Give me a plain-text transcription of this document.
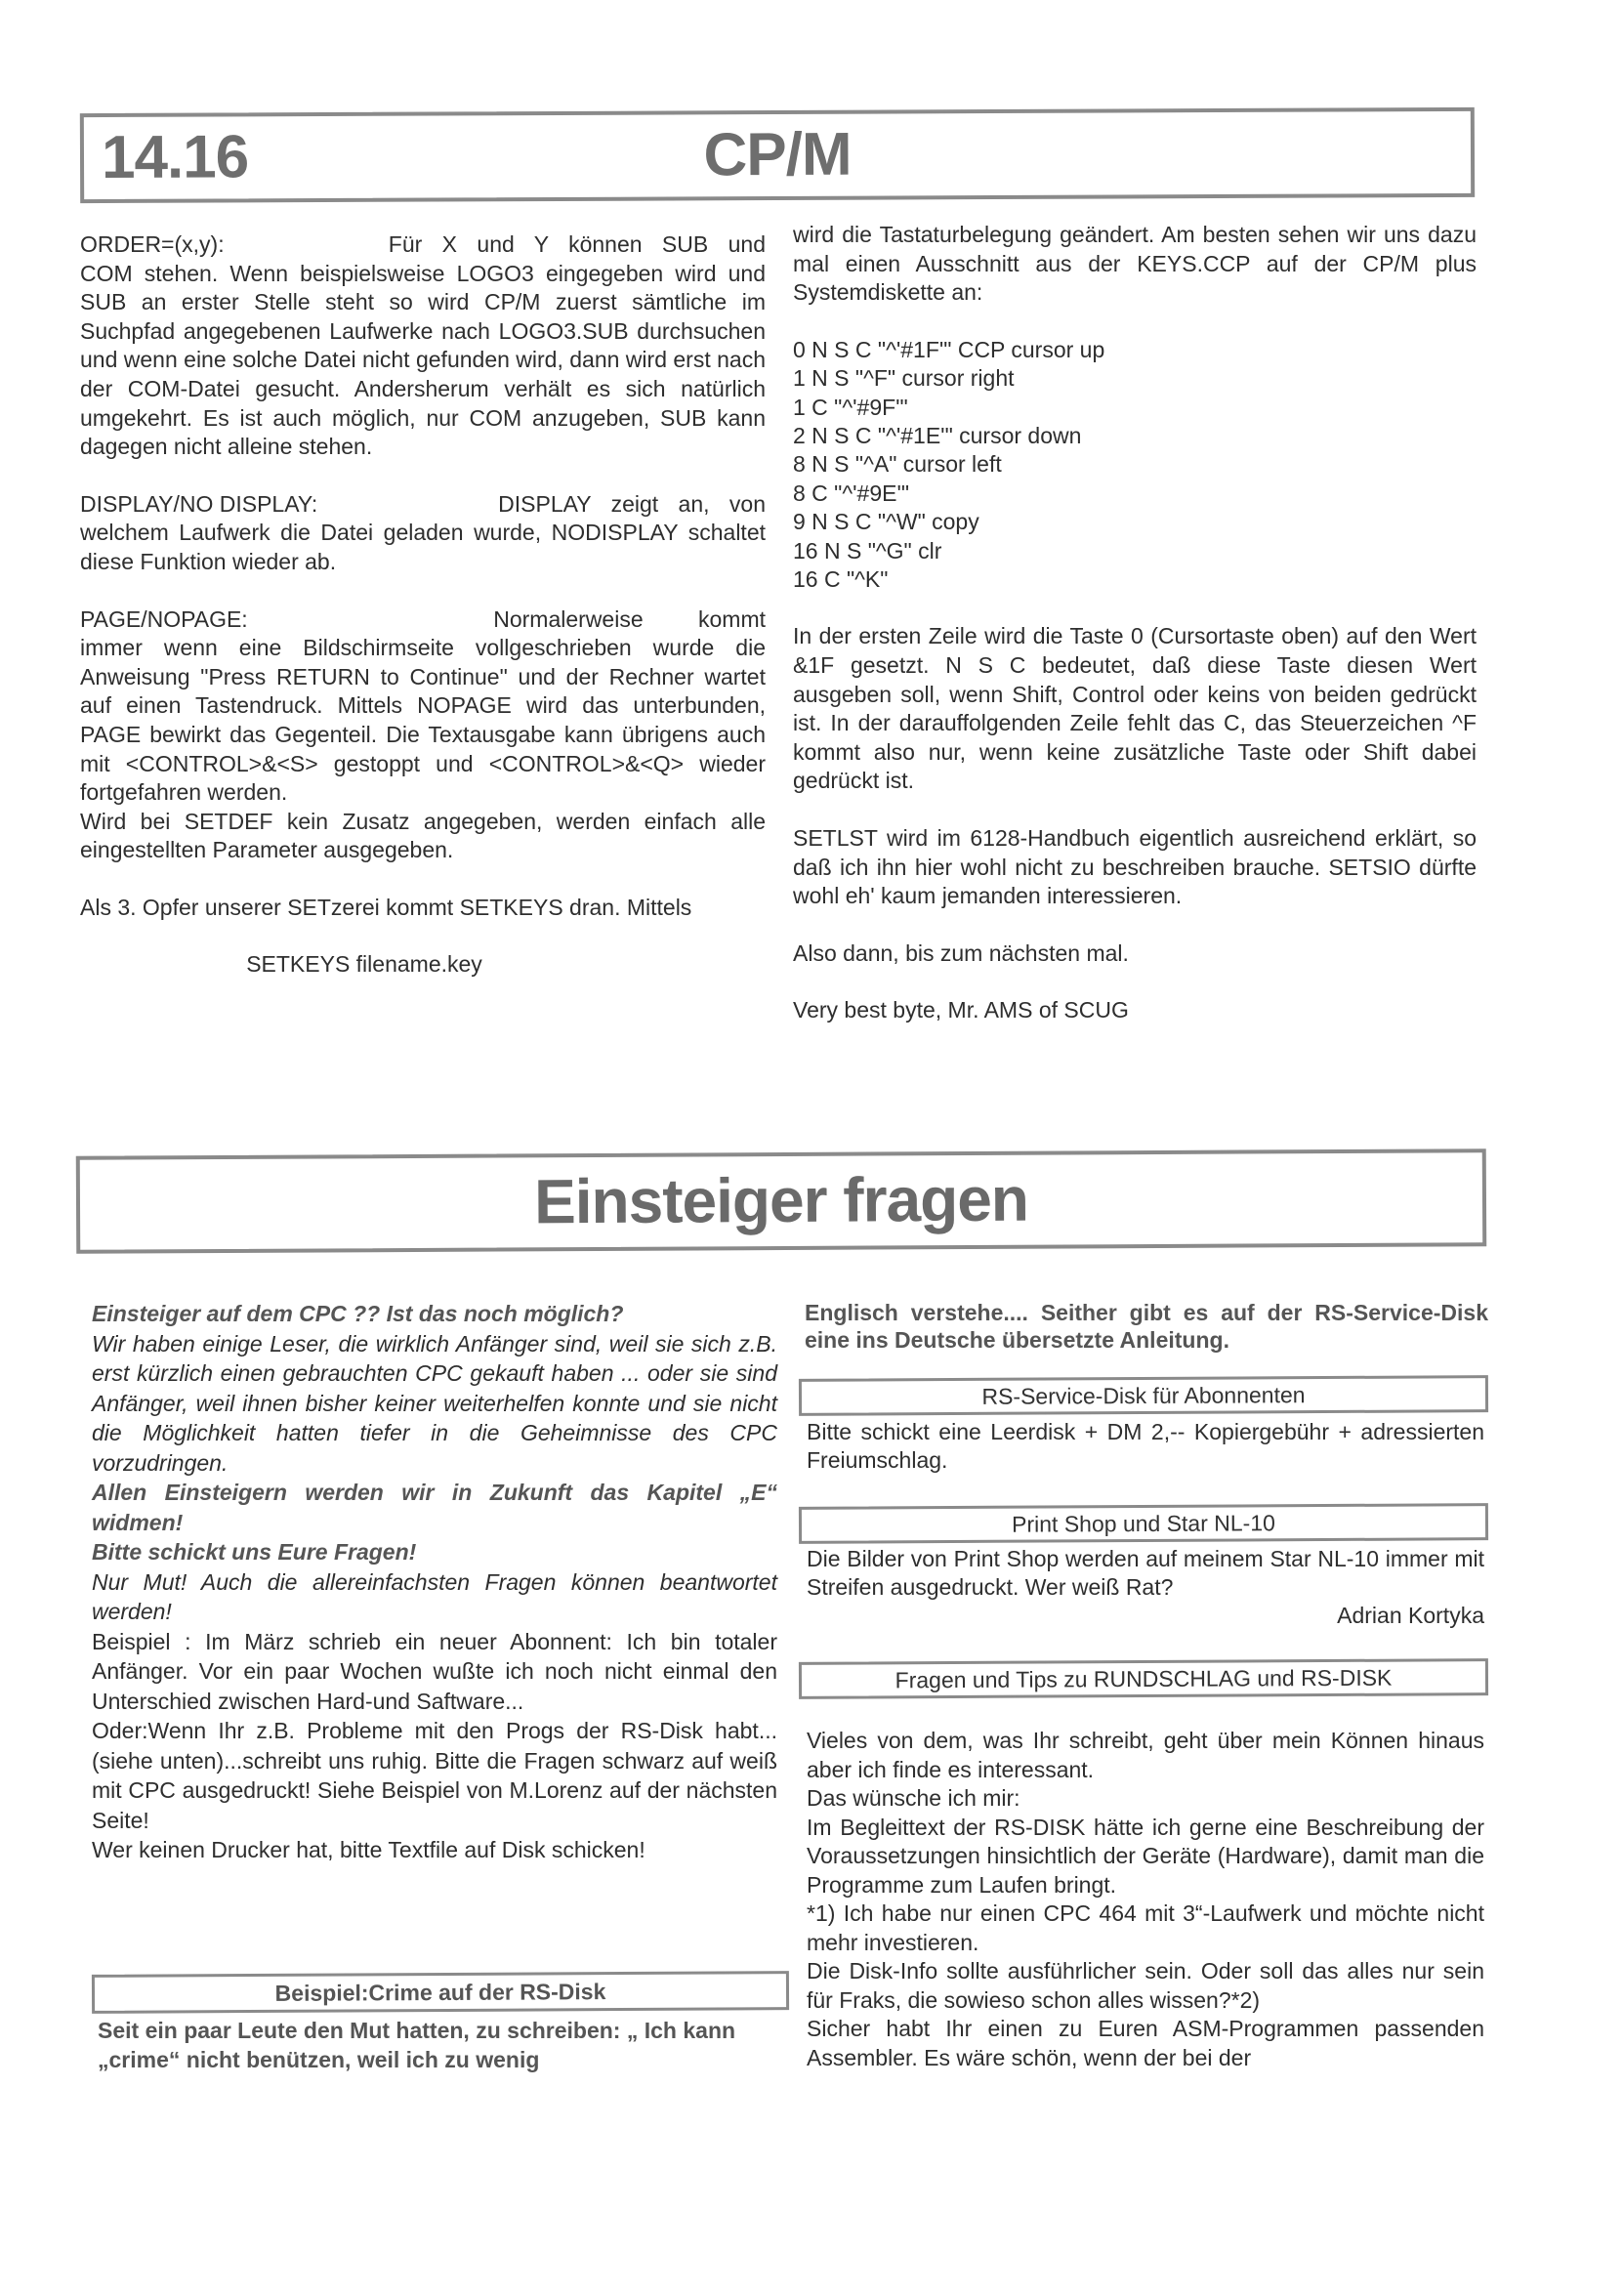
14.16	CP/M
ORDER=(x,y):	Für X und Y können SUB und

COM stehen. Wenn beispielsweise LOGO3 eingegeben wird und SUB an erster Stelle steht so wird CP/M zuerst sämtliche im Suchpfad angegebenen Laufwerke nach LOGO3.SUB durchsuchen und wenn eine solche Datei nicht gefunden wird, dann wird erst nach der COM-Datei gesucht. Andersherum verhält es sich natürlich umgekehrt. Es ist auch möglich, nur COM anzugeben, SUB kann dagegen nicht alleine stehen.

DISPLAY/NO DISPLAY:	DISPLAY zeigt an, von

welchem Laufwerk die Datei geladen wurde, NODISPLAY schaltet diese Funktion wieder ab.

PAGE/NOPAGE:	Normalerweise kommt

immer wenn eine Bildschirmseite vollgeschrieben wurde die Anweisung "Press RETURN to Continue" und der Rechner wartet auf einen Tastendruck. Mittels NOPAGE wird das unterbunden, PAGE bewirkt das Gegenteil. Die Textausgabe kann übrigens auch mit <CONTROL>&<S> gestoppt und <CONTROL>&<Q> wieder fortgefahren werden.

Wird bei SETDEF kein Zusatz angegeben, werden einfach alle eingestellten Parameter ausgegeben.

Als 3. Opfer unserer SETzerei kommt SETKEYS dran. Mittels

SETKEYS filename.key

wird die Tastaturbelegung geändert. Am besten sehen wir uns dazu mal einen Ausschnitt aus der KEYS.CCP auf der CP/M plus Systemdiskette an:

0 N S C "^'#1F'" CCP cursor up
1 N S "^F" cursor right
1 C "^'#9F'"
2 N S C "^'#1E'" cursor down
8 N S "^A" cursor left
8 C "^'#9E'"
9 N S C "^W" copy
16 N S "^G" clr
16 C "^K"

In der ersten Zeile wird die Taste 0 (Cursortaste oben) auf den Wert &1F gesetzt. N S C bedeutet, daß diese Taste diesen Wert ausgeben soll, wenn Shift, Control oder keins von beiden gedrückt ist. In der darauffolgenden Zeile fehlt das C, das Steuerzeichen ^F kommt also nur, wenn keine zusätzliche Taste oder Shift dabei gedrückt ist.

SETLST wird im 6128-Handbuch eigentlich ausreichend erklärt, so daß ich ihn hier wohl nicht zu beschreiben brauche. SETSIO dürfte wohl eh' kaum jemanden interessieren.

Also dann, bis zum nächsten mal.

Very best byte, Mr. AMS of SCUG

Einsteiger fragen

Einsteiger auf dem CPC ?? Ist das noch möglich?

Wir haben einige Leser, die wirklich Anfänger sind, weil sie sich z.B. erst kürzlich einen gebrauchten CPC gekauft haben ... oder sie sind Anfänger, weil ihnen bisher keiner weiterhelfen konnte und sie nicht die Möglichkeit hatten tiefer in die Geheimnisse des CPC vorzudringen.

Allen Einsteigern werden wir in Zukunft das Kapitel „E“ widmen!

Bitte schickt uns Eure Fragen!

Nur Mut! Auch die allereinfachsten Fragen können beantwortet werden!

Beispiel : Im März schrieb ein neuer Abonnent: Ich bin totaler Anfänger. Vor ein paar Wochen wußte ich noch nicht einmal den Unterschied zwischen Hard-und Saftware...

Oder:Wenn Ihr z.B. Probleme mit den Progs der RS-Disk habt...(siehe unten)...schreibt uns ruhig. Bitte die Fragen schwarz auf weiß mit CPC ausgedruckt! Siehe Beispiel von M.Lorenz auf der nächsten Seite!

Wer keinen Drucker hat, bitte Textfile auf Disk schicken!

Beispiel:Crime auf der RS-Disk
Seit ein paar Leute den Mut hatten, zu schreiben: „ Ich kann „crime“ nicht benützen, weil ich zu wenig
Englisch verstehe.... Seither gibt es auf der RS-Service-Disk eine ins Deutsche übersetzte Anleitung.
RS-Service-Disk für Abonnenten
Bitte schickt eine Leerdisk + DM 2,-- Kopiergebühr + adressierten Freiumschlag.
Print Shop und Star NL-10

Die Bilder von Print Shop werden auf meinem Star NL-10 immer mit Streifen ausgedruckt. Wer weiß Rat?

Adrian Kortyka

Fragen und Tips zu RUNDSCHLAG und RS-DISK

Vieles von dem, was Ihr schreibt, geht über mein Können hinaus aber ich finde es interessant.

Das wünsche ich mir:

Im Begleittext der RS-DISK hätte ich gerne eine Beschreibung der Voraussetzungen hinsichtlich der Geräte (Hardware), damit man die Programme zum Laufen bringt.

*1) Ich habe nur einen CPC 464 mit 3“-Laufwerk und möchte nicht mehr investieren.

Die Disk-Info sollte ausführlicher sein. Oder soll das alles nur sein für Fraks, die sowieso schon alles wissen?*2)

Sicher habt Ihr einen zu Euren ASM-Programmen passenden Assembler. Es wäre schön, wenn der bei der
